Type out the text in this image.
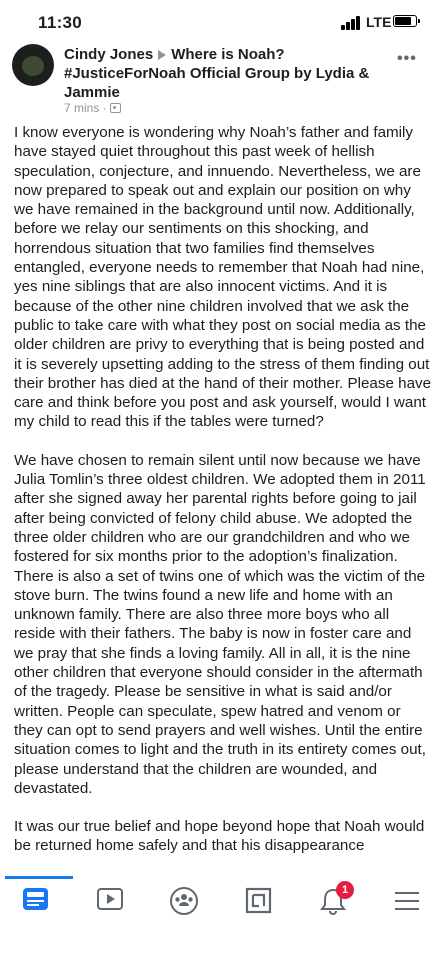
11:30	LTE
Cindy Jones Where is Noah? #JusticeForNoah Official Group by Lydia & Jammie
7 mins ·
•••

I know everyone is wondering why Noah’s father and family have stayed quiet throughout this past week of hellish speculation, conjecture, and innuendo. Nevertheless, we are now prepared to speak out and explain our position on why we have remained in the background until now. Additionally, before we relay our sentiments on this shocking, and horrendous situation that two families find themselves entangled, everyone needs to remember that Noah had nine, yes nine siblings that are also innocent victims. And it is because of the other nine children involved that we ask the public to take care with what they post on social media as the older children are privy to everything that is being posted and it is severely upsetting adding to the stress of them finding out their brother has died at the hand of their mother. Please have care and think before you post and ask yourself, would I want my child to read this if the tables were turned?

We have chosen to remain silent until now because we have Julia Tomlin’s three oldest children. We adopted them in 2011 after she signed away her parental rights before going to jail after being convicted of felony child abuse. We adopted the three older children who are our grandchildren and who we fostered for six months prior to the adoption’s finalization. There is also a set of twins one of which was the victim of the stove burn. The twins found a new life and home with an unknown family. There are also three more boys who all reside with their fathers. The baby is now in foster care and we pray that she finds a loving family. All in all, it is the nine other children that everyone should consider in the aftermath of the tragedy. Please be sensitive in what is said and/or written. People can speculate, spew hatred and venom or they can opt to send prayers and well wishes. Until the entire situation comes to light and the truth in its entirety comes out, please understand that the children are wounded, and devastated.

It was our true belief and hope beyond hope that Noah would be returned home safely and that his disappearance

1
